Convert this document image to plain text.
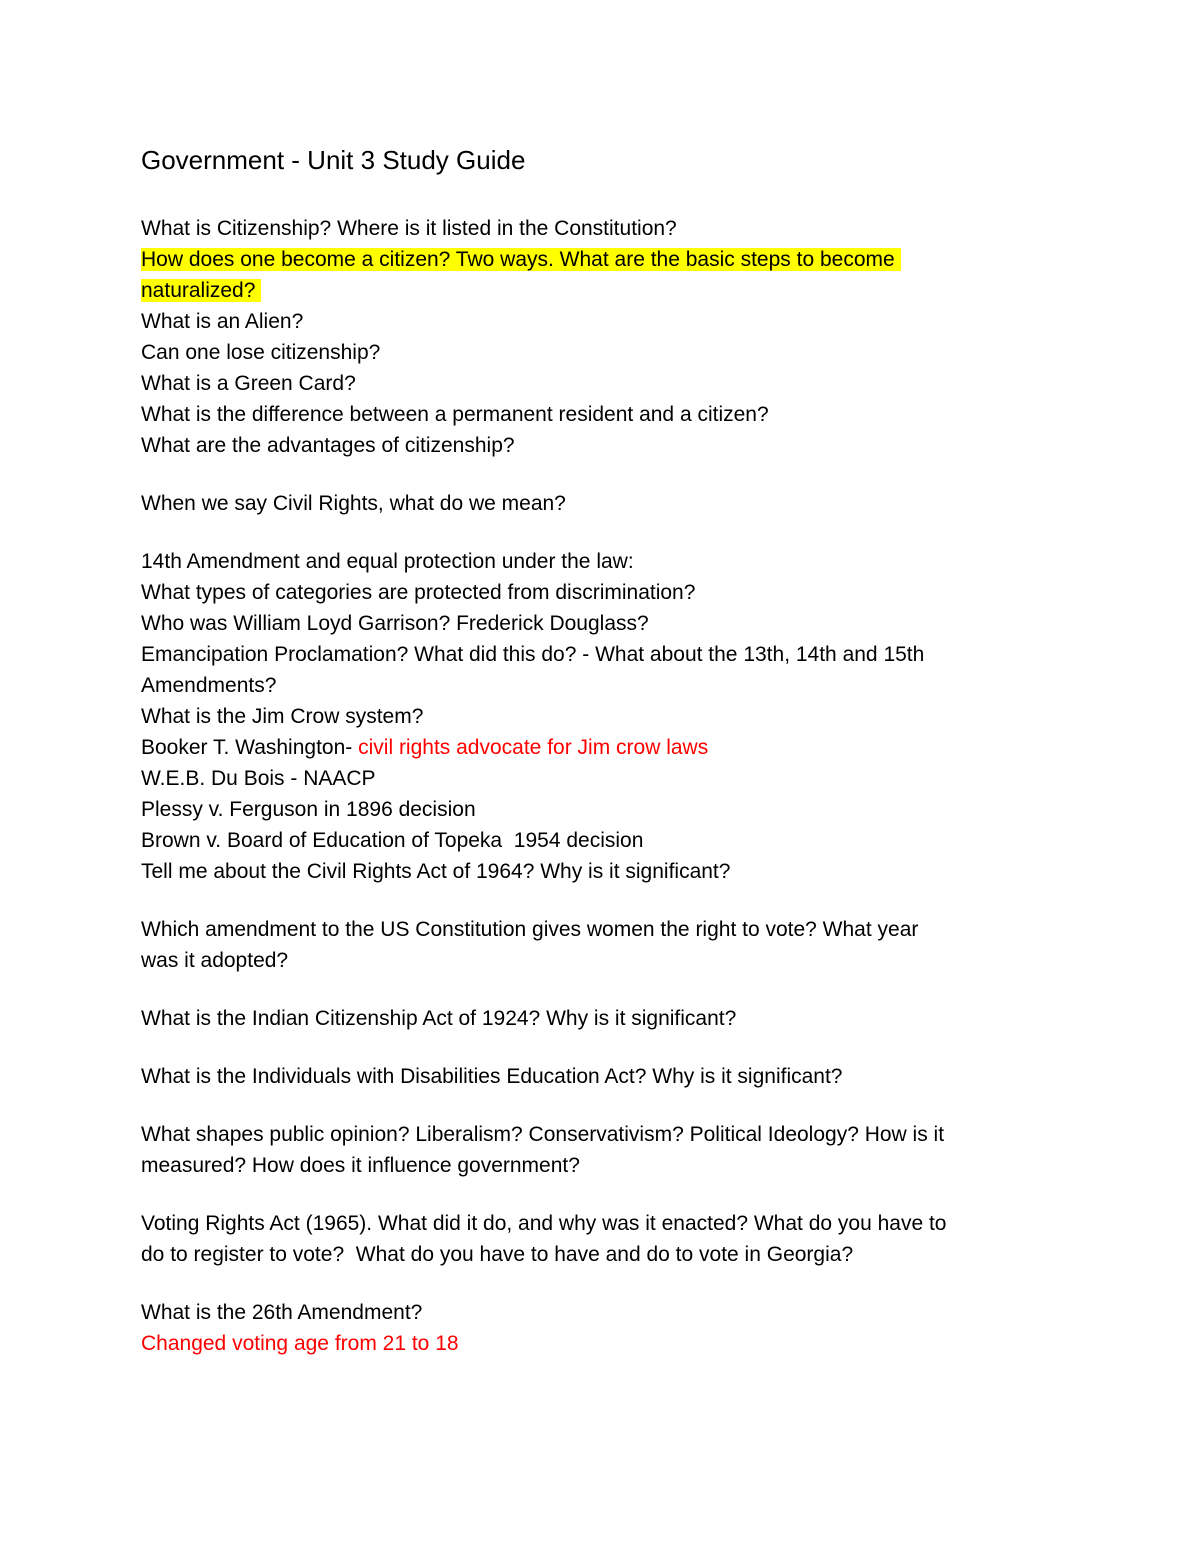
Government - Unit 3 Study Guide
What is Citizenship? Where is it listed in the Constitution?
How does one become a citizen? Two ways. What are the basic steps to become
naturalized?
What is an Alien?
Can one lose citizenship?
What is a Green Card?
What is the difference between a permanent resident and a citizen?
What are the advantages of citizenship?
When we say Civil Rights, what do we mean?
14th Amendment and equal protection under the law:
What types of categories are protected from discrimination?
Who was William Loyd Garrison? Frederick Douglass?
Emancipation Proclamation? What did this do? - What about the 13th, 14th and 15th
Amendments?
What is the Jim Crow system?
Booker T. Washington- civil rights advocate for Jim crow laws
W.E.B. Du Bois - NAACP
Plessy v. Ferguson in 1896 decision
Brown v. Board of Education of Topeka  1954 decision
Tell me about the Civil Rights Act of 1964? Why is it significant?
Which amendment to the US Constitution gives women the right to vote? What year
was it adopted?
What is the Indian Citizenship Act of 1924? Why is it significant?
What is the Individuals with Disabilities Education Act? Why is it significant?
What shapes public opinion? Liberalism? Conservativism? Political Ideology? How is it
measured? How does it influence government?
Voting Rights Act (1965). What did it do, and why was it enacted? What do you have to
do to register to vote?  What do you have to have and do to vote in Georgia?
What is the 26th Amendment?
Changed voting age from 21 to 18
